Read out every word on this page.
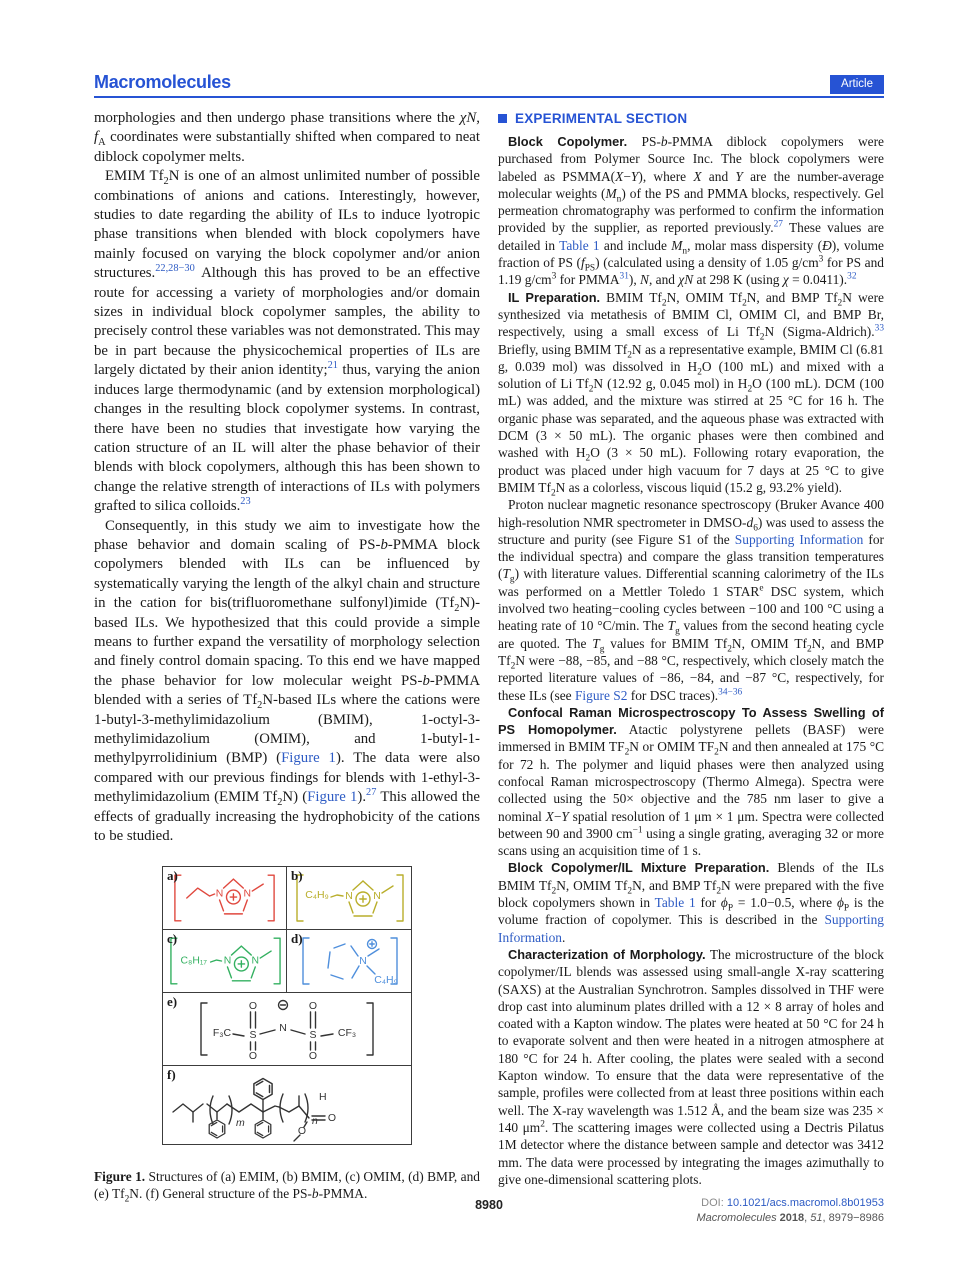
Macromolecules	Article

morphologies and then undergo phase transitions where the χN, $f_A$ coordinates were substantially shifted when compared to neat diblock copolymer melts.

EMIM $Tf_2N$ is one of an almost unlimited number of possible combinations of anions and cations. Interestingly, however, studies to date regarding the ability of ILs to induce lyotropic phase transitions when blended with block copolymers have mainly focused on varying the block copolymer and/or anion structures.$^{22,28-30}$ Although this has proved to be an effective route for accessing a variety of morphologies and/or domain sizes in individual block copolymer samples, the ability to precisely control these variables was not demonstrated. This may be in part because the physicochemical properties of ILs are largely dictated by their anion identity;$^{21}$ thus, varying the anion induces large thermodynamic (and by extension morphological) changes in the resulting block copolymer systems. In contrast, there have been no studies that investigate how varying the cation structure of an IL will alter the phase behavior of their blends with block copolymers, although this has been shown to change the relative strength of interactions of ILs with polymers grafted to silica colloids.$^{23}$

Consequently, in this study we aim to investigate how the phase behavior and domain scaling of PS-b-PMMA block copolymers blended with ILs can be influenced by systematically varying the length of the alkyl chain and structure in the cation for bis(trifluoromethane sulfonyl)imide $(Tf_2N)$-based ILs. We hypothesized that this could provide a simple means to further expand the versatility of morphology selection and finely control domain spacing. To this end we have mapped the phase behavior for low molecular weight PS-b-PMMA blended with a series of $Tf_2N$-based ILs where the cations were 1-butyl-3-methylimidazolium (BMIM), 1-octyl-3-methylimidazolium (OMIM), and 1-butyl-1-methylpyrrolidinium (BMP) (Figure 1). The data were also compared with our previous findings for blends with 1-ethyl-3-methylimidazolium (EMIM $Tf_2N$) (Figure 1).$^{27}$ This allowed the effects of gradually increasing the hydrophobicity of the cations to be studied.

a)
N N
b)
C₄H₉ N N
c)
C₈H₁₇ N N
d)
N
C₄H₉
e)
F₃C S
N
S CF₃
O	O
O	O
f)
n
m
H
O
O
Figure 1. Structures of (a) EMIM, (b) BMIM, (c) OMIM, (d) BMP, and (e) $Tf_2N$. (f) General structure of the PS-b-PMMA.
EXPERIMENTAL SECTION

Block Copolymer. PS-b-PMMA diblock copolymers were purchased from Polymer Source Inc. The block copolymers were labeled as PSMMA(X−Y), where X and Y are the number-average molecular weights $(M_n)$ of the PS and PMMA blocks, respectively. Gel permeation chromatography was performed to confirm the information provided by the supplier, as reported previously.$^{27}$ These values are detailed in Table 1 and include $M_n$, molar mass dispersity (Đ), volume fraction of PS $(f_{PS})$ (calculated using a density of 1.05 $g/cm^3$ for PS and 1.19 $g/cm^3$ for PMMA$^{31}$), N, and χN at 298 K (using χ = 0.0411).$^{32}$

IL Preparation. BMIM $Tf_2N$, OMIM $Tf_2N$, and BMP $Tf_2N$ were synthesized via metathesis of BMIM Cl, OMIM Cl, and BMP Br, respectively, using a small excess of Li $Tf_2N$ (Sigma-Aldrich).$^{33}$ Briefly, using BMIM $Tf_2N$ as a representative example, BMIM Cl (6.81 g, 0.039 mol) was dissolved in $H_2O$ (100 mL) and mixed with a solution of Li $Tf_2N$ (12.92 g, 0.045 mol) in $H_2O$ (100 mL). DCM (100 mL) was added, and the mixture was stirred at 25 °C for 16 h. The organic phase was separated, and the aqueous phase was extracted with DCM (3 × 50 mL). The organic phases were then combined and washed with $H_2O$ (3 × 50 mL). Following rotary evaporation, the product was placed under high vacuum for 7 days at 25 °C to give BMIM $Tf_2N$ as a colorless, viscous liquid (15.2 g, 93.2% yield).

Proton nuclear magnetic resonance spectroscopy (Bruker Avance 400 high-resolution NMR spectrometer in DMSO-$d_6$) was used to assess the structure and purity (see Figure S1 of the Supporting Information for the individual spectra) and compare the glass transition temperatures $(T_g)$ with literature values. Differential scanning calorimetry of the ILs was performed on a Mettler Toledo 1 STAR$^e$ DSC system, which involved two heating−cooling cycles between −100 and 100 °C using a heating rate of 10 °C/min. The $T_g$ values from the second heating cycle are quoted. The $T_g$ values for BMIM $Tf_2N$, OMIM $Tf_2N$, and BMP $Tf_2N$ were −88, −85, and −88 °C, respectively, which closely match the reported literature values of −86, −84, and −87 °C, respectively, for these ILs (see Figure S2 for DSC traces).$^{34-36}$

Confocal Raman Microspectroscopy To Assess Swelling of PS Homopolymer. Atactic polystyrene pellets (BASF) were immersed in BMIM $TF_2N$ or OMIM $TF_2N$ and then annealed at 175 °C for 72 h. The polymer and liquid phases were then analyzed using confocal Raman microspectroscopy (Thermo Almega). Spectra were collected using the 50× objective and the 785 nm laser to give a nominal X−Y spatial resolution of 1 μm × 1 μm. Spectra were collected between 90 and 3900 $cm^{-1}$ using a single grating, averaging 32 or more scans using an acquisition time of 1 s.

Block Copolymer/IL Mixture Preparation. Blends of the ILs BMIM $Tf_2N$, OMIM $Tf_2N$, and BMP $Tf_2N$ were prepared with the five block copolymers shown in Table 1 for $\phi_P = 1.0-0.5$, where $\phi_P$ is the volume fraction of copolymer. This is described in the Supporting Information.

Characterization of Morphology. The microstructure of the block copolymer/IL blends was assessed using small-angle X-ray scattering (SAXS) at the Australian Synchrotron. Samples dissolved in THF were drop cast into aluminum plates drilled with a 12 × 8 array of holes and coated with a Kapton window. The plates were heated at 50 °C for 24 h to evaporate solvent and then were heated in a nitrogen atmosphere at 180 °C for 24 h. After cooling, the plates were sealed with a second Kapton window. To ensure that the data were representative of the sample, profiles were collected from at least three positions within each well. The X-ray wavelength was 1.512 Å, and the beam size was 235 × 140 $\mu m^2$. The scattering images were collected using a Dectris Pilatus 1M detector where the distance between sample and detector was 3412 mm. The data were processed by integrating the images azimuthally to give one-dimensional scattering plots.

8980	DOI: 10.1021/acs.macromol.8b01953
Macromolecules 2018, 51, 8979−8986
